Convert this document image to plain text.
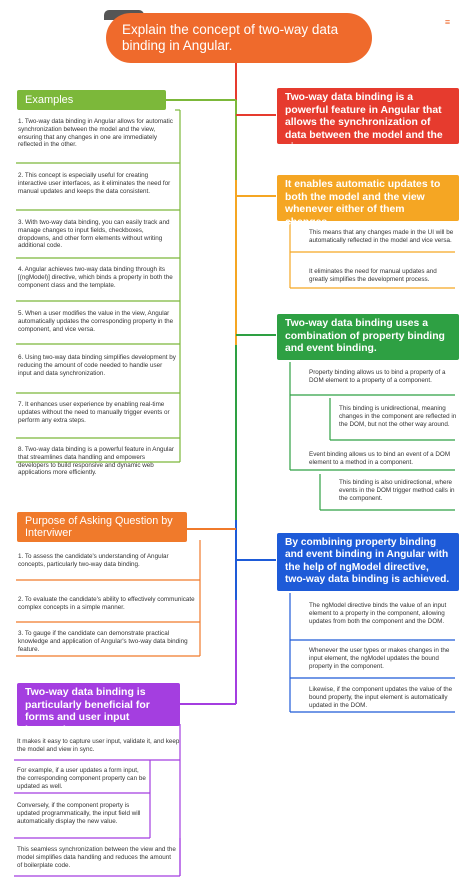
Explain the concept of two-way data binding in Angular.
≡
Examples
1. Two-way data binding in Angular allows for automatic synchronization between the model and the view, ensuring that any changes in one are immediately reflected in the other.
2. This concept is especially useful for creating interactive user interfaces, as it eliminates the need for manual updates and keeps the data consistent.
3. With two-way data binding, you can easily track and manage changes to input fields, checkboxes, dropdowns, and other form elements without writing additional code.
4. Angular achieves two-way data binding through its [(ngModel)] directive, which binds a property in both the component class and the template.
5. When a user modifies the value in the view, Angular automatically updates the corresponding property in the component, and vice versa.
6. Using two-way data binding simplifies development by reducing the amount of code needed to handle user input and data synchronization.
7. It enhances user experience by enabling real-time updates without the need to manually trigger events or perform any extra steps.
8. Two-way data binding is a powerful feature in Angular that streamlines data handling and empowers developers to build responsive and dynamic web applications more efficiently.
Purpose of Asking Question by Interviwer
1. To assess the candidate's understanding of Angular concepts, particularly two-way data binding.
2. To evaluate the candidate's ability to effectively communicate complex concepts in a simple manner.
3. To gauge if the candidate can demonstrate practical knowledge and application of Angular's two-way data binding feature.
Two-way data binding is particularly beneficial for forms and user input interactions.
It makes it easy to capture user input, validate it, and keep the model and view in sync.
For example, if a user updates a form input, the corresponding component property can be updated as well.
Conversely, if the component property is updated programmatically, the input field will automatically display the new value.
This seamless synchronization between the view and the model simplifies data handling and reduces the amount of boilerplate code.
Two-way data binding is a powerful feature in Angular that allows the synchronization of data between the model and the view.
It enables automatic updates to both the model and the view whenever either of them changes.
This means that any changes made in the UI will be automatically reflected in the model and vice versa.
It eliminates the need for manual updates and greatly simplifies the development process.
Two-way data binding uses a combination of property binding and event binding.
Property binding allows us to bind a property of a DOM element to a property of a component.
This binding is unidirectional, meaning changes in the component are reflected in the DOM, but not the other way around.
Event binding allows us to bind an event of a DOM element to a method in a component.
This binding is also unidirectional, where events in the DOM trigger method calls in the component.
By combining property binding and event binding in Angular with the help of ngModel directive, two-way data binding is achieved.
The ngModel directive binds the value of an input element to a property in the component, allowing updates from both the component and the DOM.
Whenever the user types or makes changes in the input element, the ngModel updates the bound property in the component.
Likewise, if the component updates the value of the bound property, the input element is automatically updated in the DOM.
